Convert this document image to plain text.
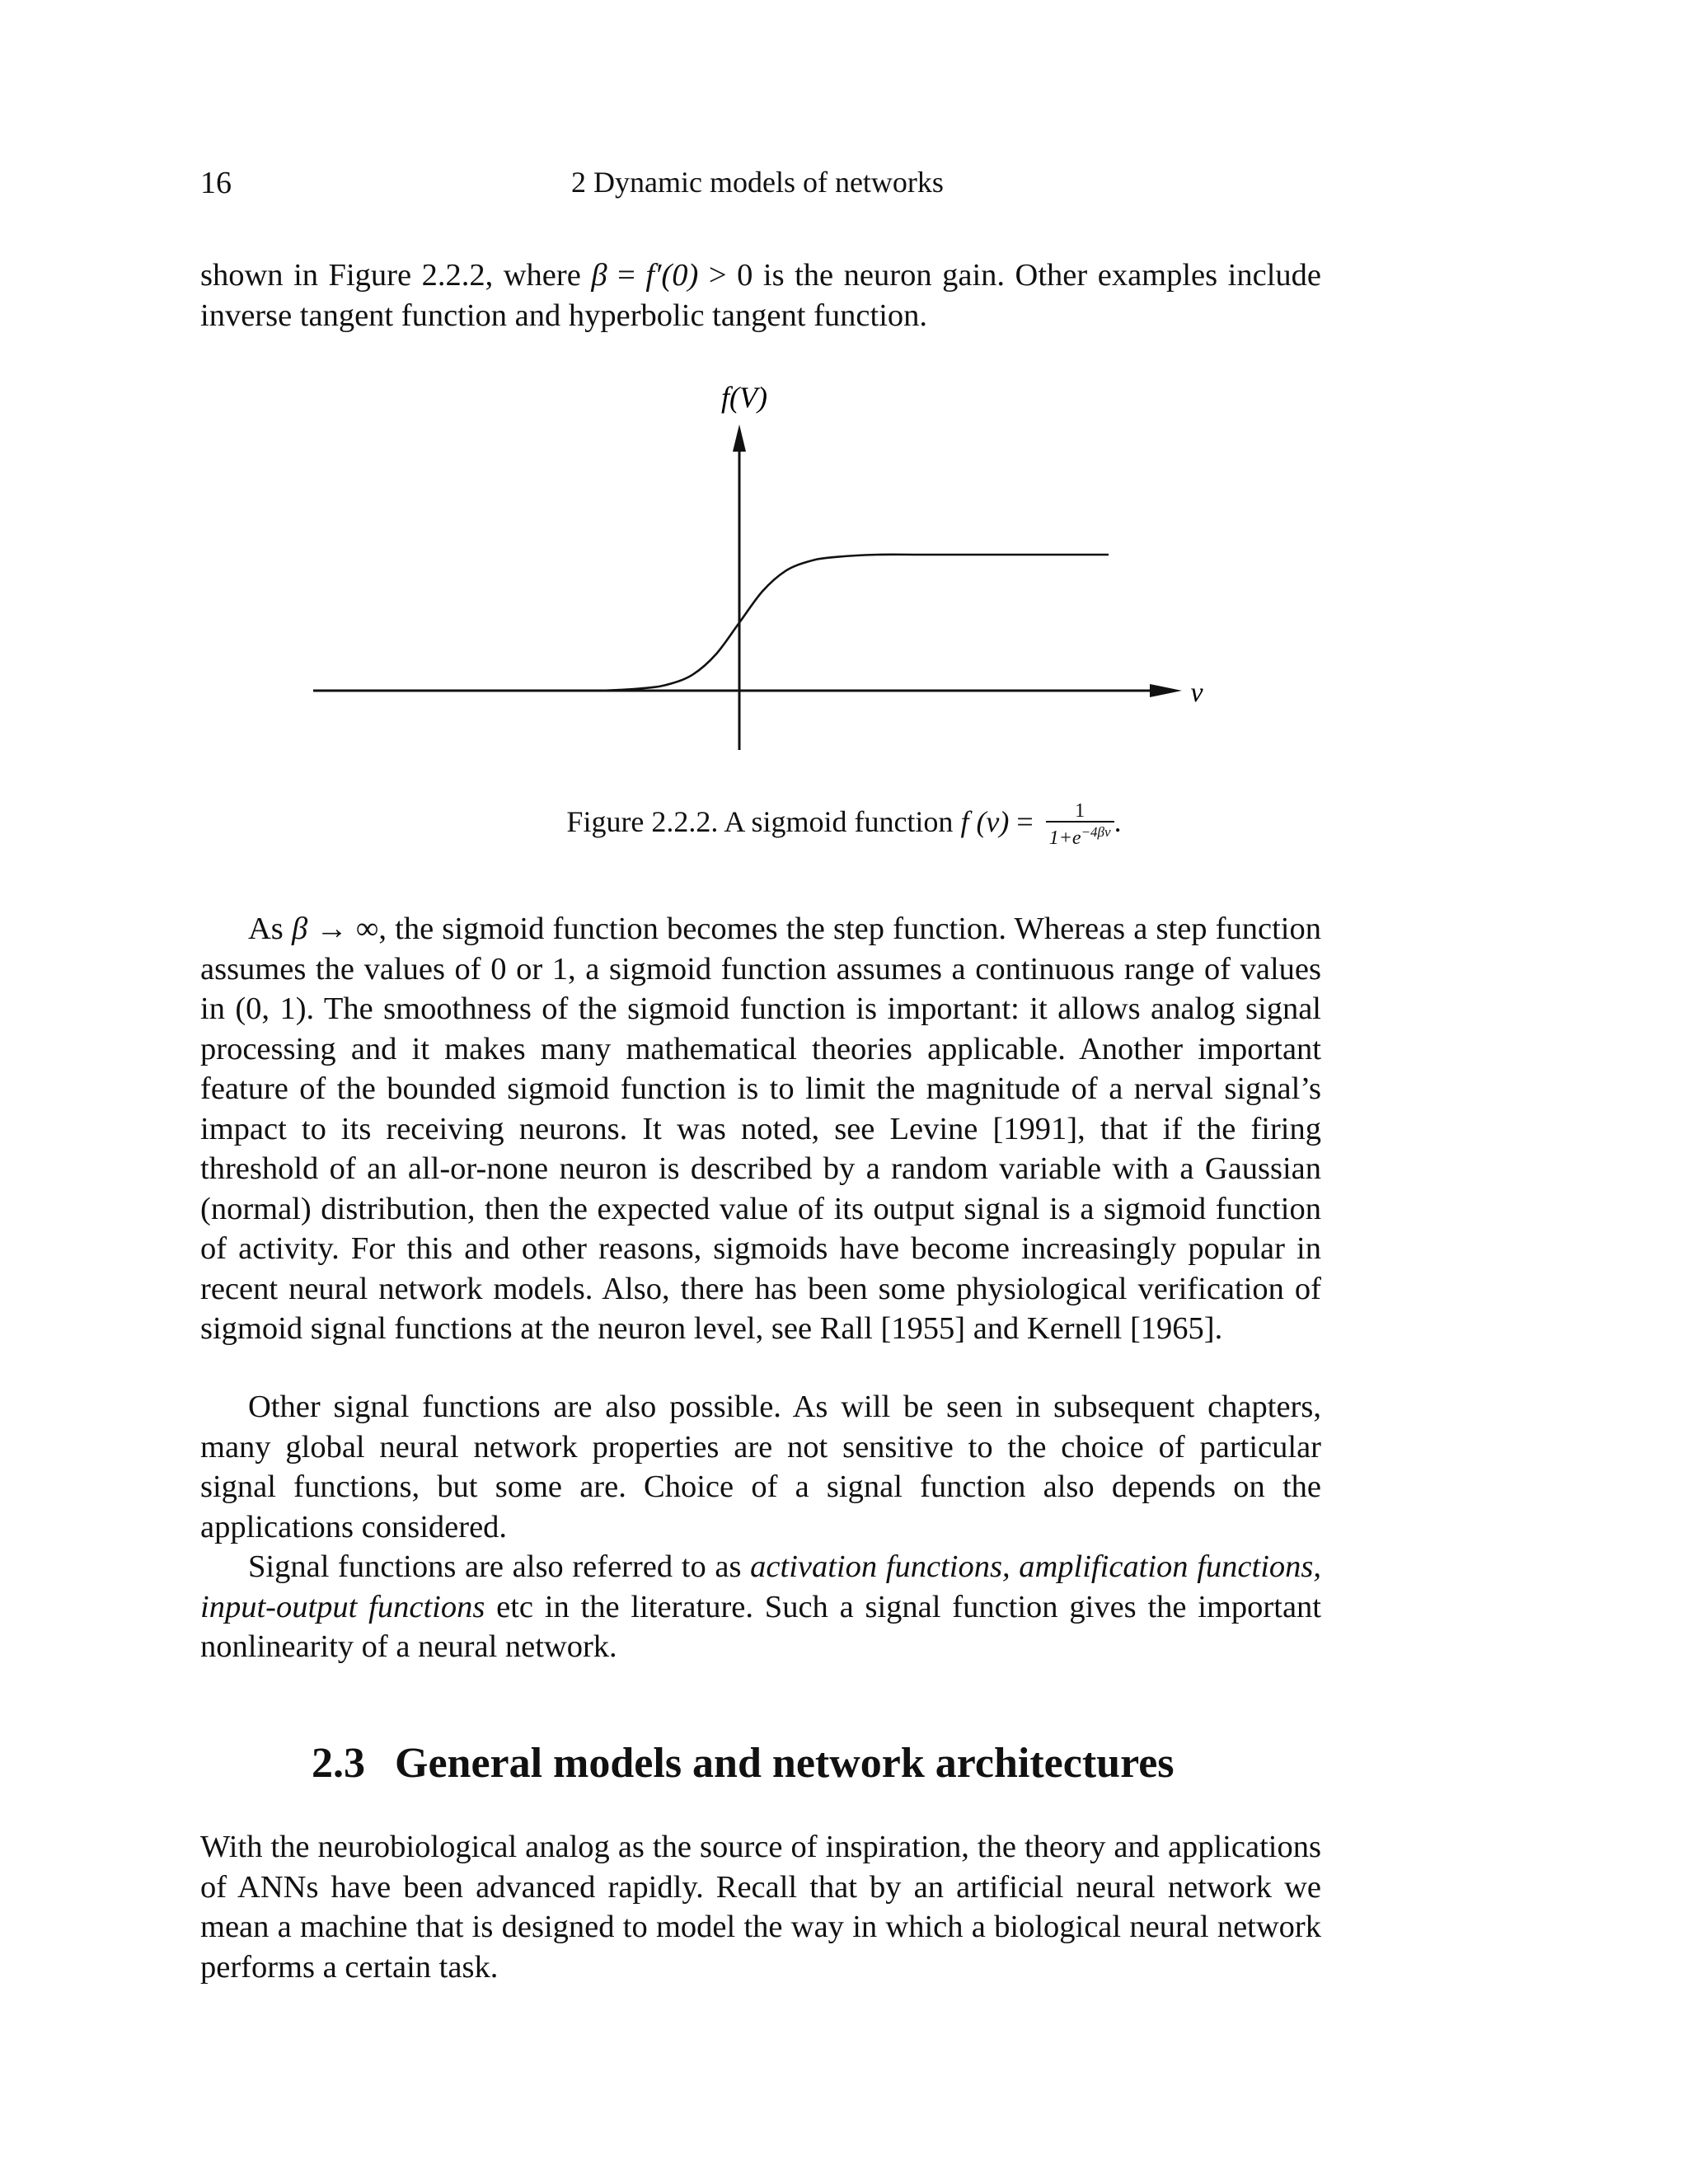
16	2 Dynamic models of networks

shown in Figure 2.2.2, where β = f′(0) > 0 is the neuron gain. Other examples include inverse tangent function and hyperbolic tangent function.

f(V)
v
Figure 2.2.2. A sigmoid function f $(v) = \frac{1}{1+e^{-4\beta v}}$ .

As β → ∞, the sigmoid function becomes the step function. Whereas a step function assumes the values of 0 or 1, a sigmoid function assumes a continuous range of values in (0, 1). The smoothness of the sigmoid function is important: it allows analog signal processing and it makes many mathematical theories applicable. Another important feature of the bounded sigmoid function is to limit the magnitude of a nerval signal’s impact to its receiving neurons. It was noted, see Levine [1991], that if the firing threshold of an all-or-none neuron is described by a random variable with a Gaussian (normal) distribution, then the expected value of its output signal is a sigmoid function of activity. For this and other reasons, sigmoids have become increasingly popular in recent neural network models. Also, there has been some physiological verification of sigmoid signal functions at the neuron level, see Rall [1955] and Kernell [1965].

Other signal functions are also possible. As will be seen in subsequent chapters, many global neural network properties are not sensitive to the choice of particular signal functions, but some are. Choice of a signal function also depends on the applications considered.

Signal functions are also referred to as activation functions, amplification functions, input-output functions etc in the literature. Such a signal function gives the important nonlinearity of a neural network.

2.3 General models and network architectures

With the neurobiological analog as the source of inspiration, the theory and applications of ANNs have been advanced rapidly. Recall that by an artificial neural network we mean a machine that is designed to model the way in which a biological neural network performs a certain task.
